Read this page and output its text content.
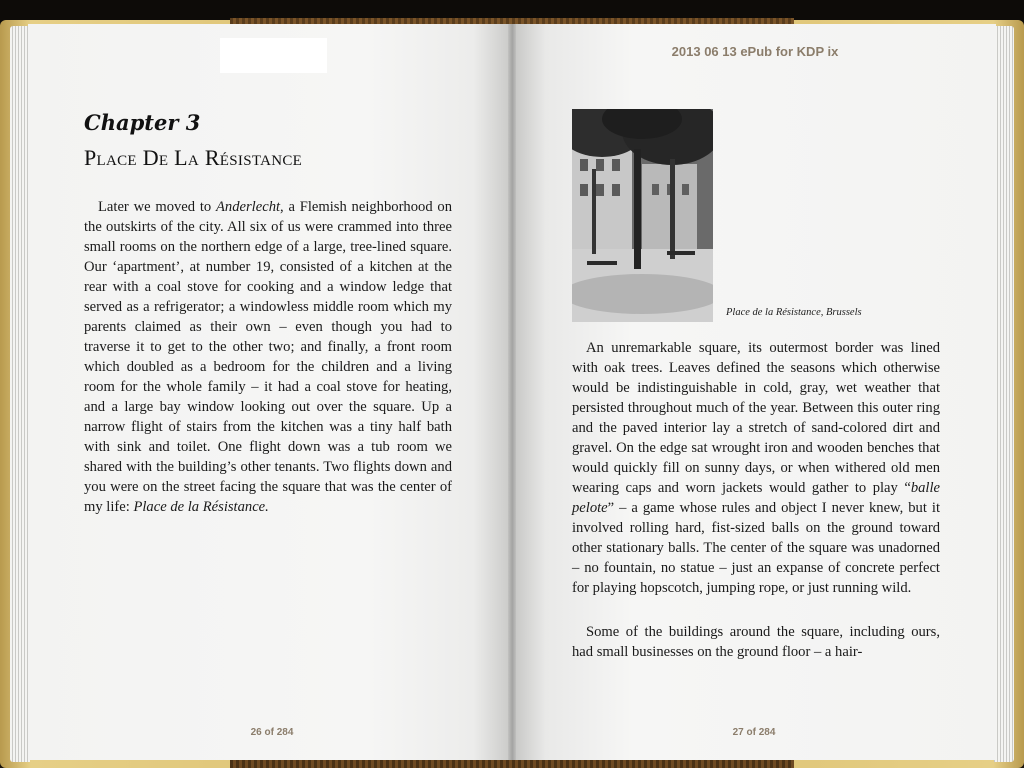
Chapter 3
Place De La Résistance

Later we moved to Anderlecht, a Flemish neighborhood on the outskirts of the city. All six of us were crammed into three small rooms on the northern edge of a large, tree-lined square. Our ‘apartment’, at number 19, consisted of a kitchen at the rear with a coal stove for cooking and a window ledge that served as a refrigerator; a windowless middle room which my parents claimed as their own – even though you had to traverse it to get to the other two; and finally, a front room which doubled as a bedroom for the children and a living room for the whole family – it had a coal stove for heating, and a large bay window looking out over the square. Up a narrow flight of stairs from the kitchen was a tiny half bath with sink and toilet. One flight down was a tub room we shared with the building’s other tenants. Two flights down and you were on the street facing the square that was the center of my life: Place de la Résistance.

26 of 284
2013 06 13 ePub for KDP ix
Place de la Résistance, Brussels

An unremarkable square, its outermost border was lined with oak trees. Leaves defined the seasons which otherwise would be indistinguishable in cold, gray, wet weather that persisted throughout much of the year. Between this outer ring and the paved interior lay a stretch of sand-colored dirt and gravel. On the edge sat wrought iron and wooden benches that would quickly fill on sunny days, or when withered old men wearing caps and worn jackets would gather to play “balle pelote” – a game whose rules and object I never knew, but it involved rolling hard, fist-sized balls on the ground toward other stationary balls. The center of the square was unadorned – no fountain, no statue – just an expanse of concrete perfect for playing hopscotch, jumping rope, or just running wild.

Some of the buildings around the square, including ours, had small businesses on the ground floor – a hair-

27 of 284
